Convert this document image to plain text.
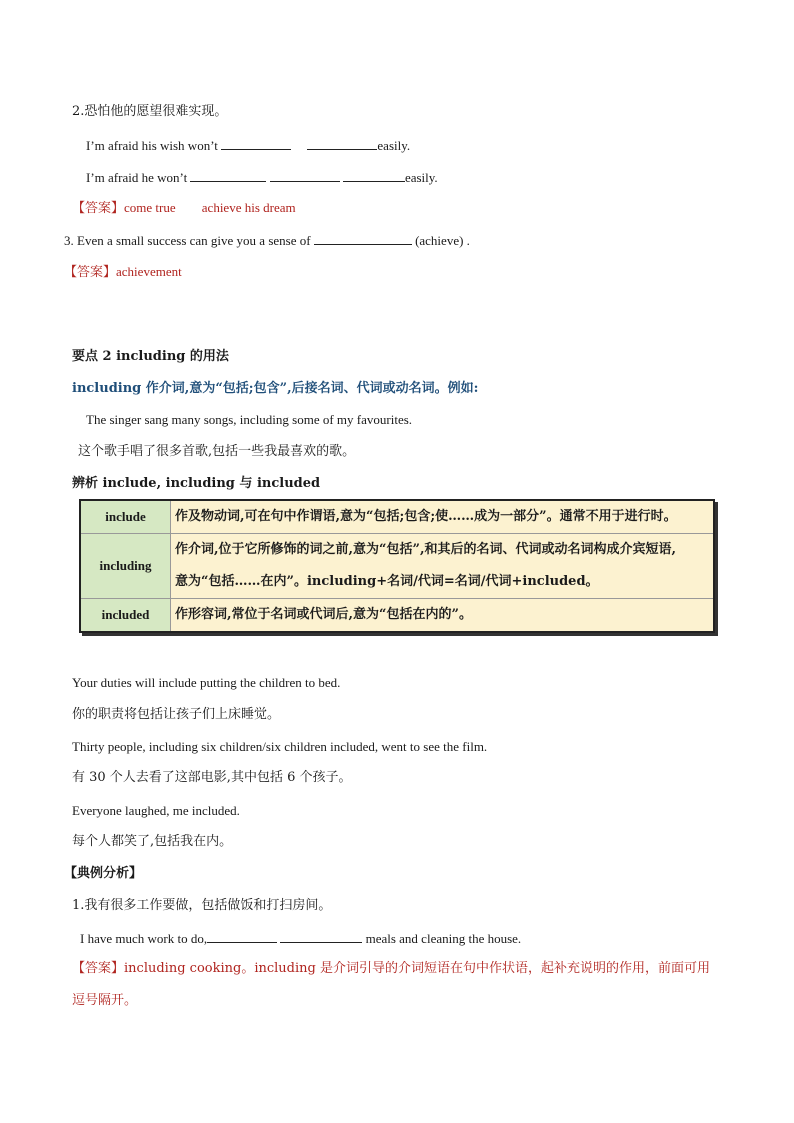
2.恐怕他的愿望很难实现。
I’m afraid his wish won’t	easily.
I’m afraid he won’t	easily.
【答案】come true achieve his dream
3. Even a small success can give you a sense of	(achieve) .
【答案】achievement
要点 2 including 的用法
including 作介词,意为“包括;包含”,后接名词、代词或动名词。例如:
The singer sang many songs, including some of my favourites.
这个歌手唱了很多首歌,包括一些我最喜欢的歌。
辨析 include, including 与 included
include	作及物动词,可在句中作谓语,意为“包括;包含;使……成为一部分”。通常不用于进行时。
including	作介词,位于它所修饰的词之前,意为“包括”,和其后的名词、代词或动名词构成介宾短语,
意为“包括……在内”。including+名词/代词=名词/代词+included。

included	作形容词,常位于名词或代词后,意为“包括在内的”。
Your duties will include putting the children to bed.
你的职责将包括让孩子们上床睡觉。
Thirty people, including six children/six children included, went to see the film.
有 30 个人去看了这部电影,其中包括 6 个孩子。
Everyone laughed, me included.
每个人都笑了,包括我在内。
【典例分析】
1.我有很多工作要做，包括做饭和打扫房间。
I have much work to do,	meals and cleaning the house.
【答案】including cooking。including 是介词引导的介词短语在句中作状语，起补充说明的作用，前面可用
逗号隔开。
